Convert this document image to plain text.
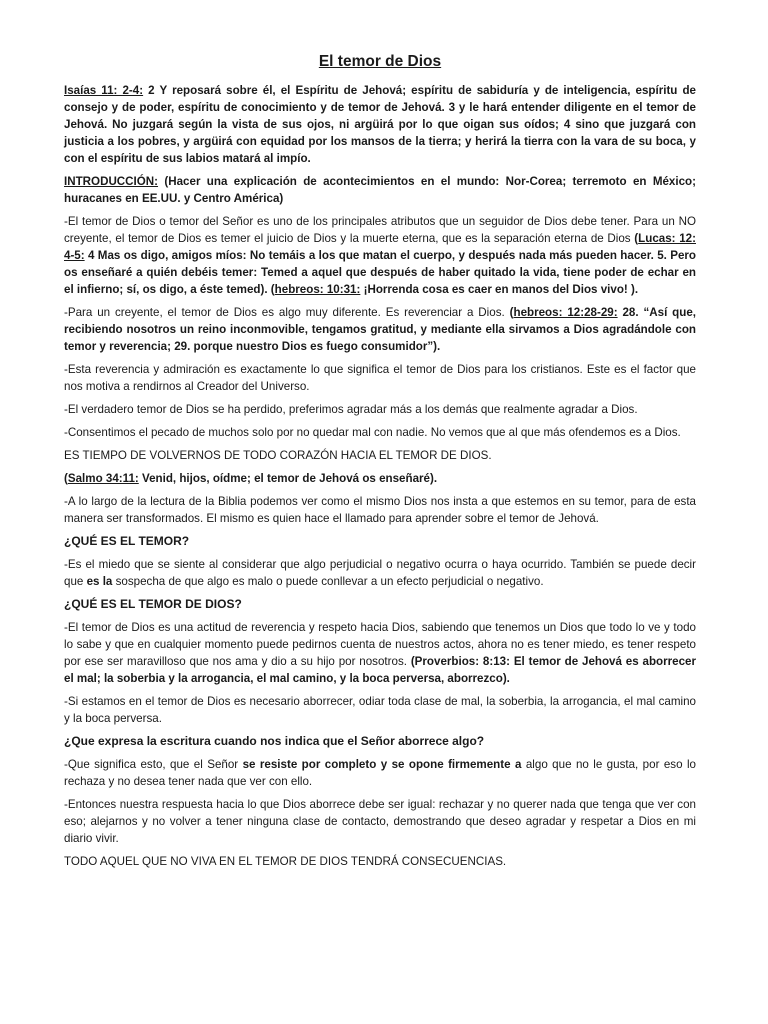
El temor de Dios

Isaías 11: 2-4: 2 Y reposará sobre él, el Espíritu de Jehová; espíritu de sabiduría y de inteligencia, espíritu de consejo y de poder, espíritu de conocimiento y de temor de Jehová. 3 y le hará entender diligente en el temor de Jehová. No juzgará según la vista de sus ojos, ni argüirá por lo que oigan sus oídos; 4 sino que juzgará con justicia a los pobres, y argüirá con equidad por los mansos de la tierra; y herirá la tierra con la vara de su boca, y con el espíritu de sus labios matará al impío.

INTRODUCCIÓN: (Hacer una explicación de acontecimientos en el mundo: Nor-Corea; terremoto en México; huracanes en EE.UU. y Centro América)

-El temor de Dios o temor del Señor es uno de los principales atributos que un seguidor de Dios debe tener. Para un NO creyente, el temor de Dios es temer el juicio de Dios y la muerte eterna, que es la separación eterna de Dios (Lucas: 12: 4-5: 4 Mas os digo, amigos míos: No temáis a los que matan el cuerpo, y después nada más pueden hacer. 5. Pero os enseñaré a quién debéis temer: Temed a aquel que después de haber quitado la vida, tiene poder de echar en el infierno; sí, os digo, a éste temed). (hebreos: 10:31: ¡Horrenda cosa es caer en manos del Dios vivo! ).

-Para un creyente, el temor de Dios es algo muy diferente. Es reverenciar a Dios. (hebreos: 12:28-29: 28. “Así que, recibiendo nosotros un reino inconmovible, tengamos gratitud, y mediante ella sirvamos a Dios agradándole con temor y reverencia; 29. porque nuestro Dios es fuego consumidor”).

-Esta reverencia y admiración es exactamente lo que significa el temor de Dios para los cristianos. Este es el factor que nos motiva a rendirnos al Creador del Universo.

-El verdadero temor de Dios se ha perdido, preferimos agradar más a los demás que realmente agradar a Dios.

-Consentimos el pecado de muchos solo por no quedar mal con nadie. No vemos que al que más ofendemos es a Dios.

ES TIEMPO DE VOLVERNOS DE TODO CORAZÓN HACIA EL TEMOR DE DIOS.

(Salmo 34:11: Venid, hijos, oídme; el temor de Jehová os enseñaré).

-A lo largo de la lectura de la Biblia podemos ver como el mismo Dios nos insta a que estemos en su temor, para de esta manera ser transformados. El mismo es quien hace el llamado para aprender sobre el temor de Jehová.

¿QUÉ ES EL TEMOR?

-Es el miedo que se siente al considerar que algo perjudicial o negativo ocurra o haya ocurrido. También se puede decir que es la sospecha de que algo es malo o puede conllevar a un efecto perjudicial o negativo.

¿QUÉ ES EL TEMOR DE DIOS?

-El temor de Dios es una actitud de reverencia y respeto hacia Dios, sabiendo que tenemos un Dios que todo lo ve y todo lo sabe y que en cualquier momento puede pedirnos cuenta de nuestros actos, ahora no es tener miedo, es tener respeto por ese ser maravilloso que nos ama y dio a su hijo por nosotros. (Proverbios: 8:13: El temor de Jehová es aborrecer el mal; la soberbia y la arrogancia, el mal camino, y la boca perversa, aborrezco).

-Si estamos en el temor de Dios es necesario aborrecer, odiar toda clase de mal, la soberbia, la arrogancia, el mal camino y la boca perversa.

¿Que expresa la escritura cuando nos indica que el Señor aborrece algo?

-Que significa esto, que el Señor se resiste por completo y se opone firmemente a algo que no le gusta, por eso lo rechaza y no desea tener nada que ver con ello.

-Entonces nuestra respuesta hacia lo que Dios aborrece debe ser igual: rechazar y no querer nada que tenga que ver con eso; alejarnos y no volver a tener ninguna clase de contacto, demostrando que deseo agradar y respetar a Dios en mi diario vivir.

TODO AQUEL QUE NO VIVA EN EL TEMOR DE DIOS TENDRÁ CONSECUENCIAS.
